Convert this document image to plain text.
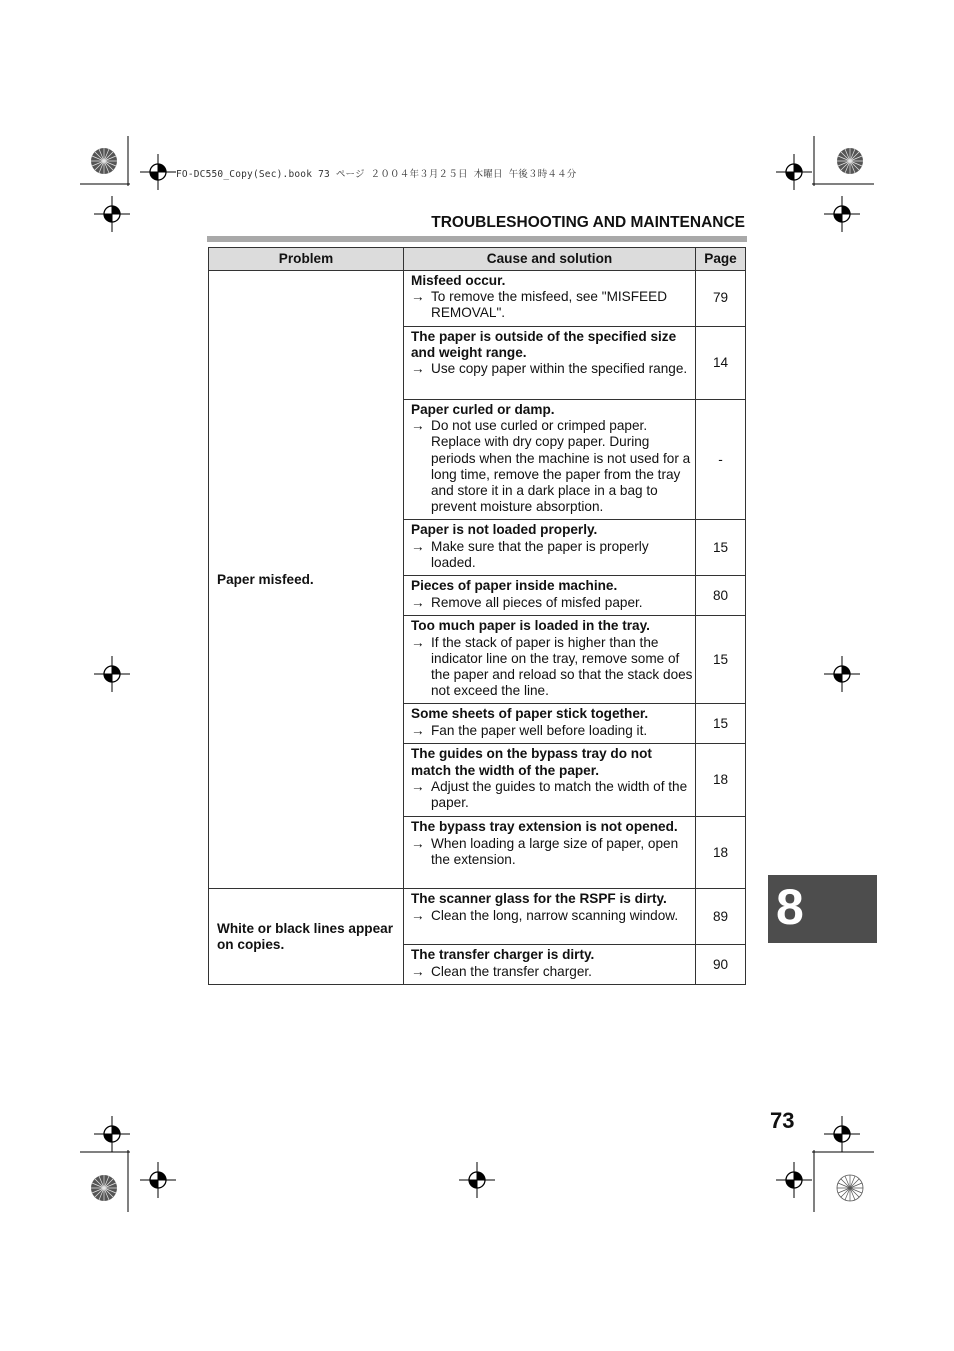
FO-DC550_Copy(Sec).book 73 ページ ２００４年３月２５日 木曜日 午後３時４４分
TROUBLESHOOTING AND MAINTENANCE
Problem	Cause and solution	Page
Paper misfeed.	Misfeed occur.
→ To remove the misfeed, see "MISFEED REMOVAL".	79

	The paper is outside of the specified size and weight range.
→ Use copy paper within the specified range.	14

	Paper curled or damp.
→ Do not use curled or crimped paper. Replace with dry copy paper. During periods when the machine is not used for a long time, remove the paper from the tray and store it in a dark place in a bag to prevent moisture absorption.	-

	Paper is not loaded properly.
→ Make sure that the paper is properly loaded.	15

	Pieces of paper inside machine.
→ Remove all pieces of misfed paper.	80

	Too much paper is loaded in the tray.
→ If the stack of paper is higher than the indicator line on the tray, remove some of the paper and reload so that the stack does not exceed the line.	15

	Some sheets of paper stick together.
→ Fan the paper well before loading it.	15

	The guides on the bypass tray do not match the width of the paper.
→ Adjust the guides to match the width of the paper.	18

	The bypass tray extension is not opened.
→ When loading a large size of paper, open the extension.	18
White or black lines appear on copies.	The scanner glass for the RSPF is dirty.
→ Clean the long, narrow scanning window.	89

	The transfer charger is dirty.
→ Clean the transfer charger.	90
8
73
